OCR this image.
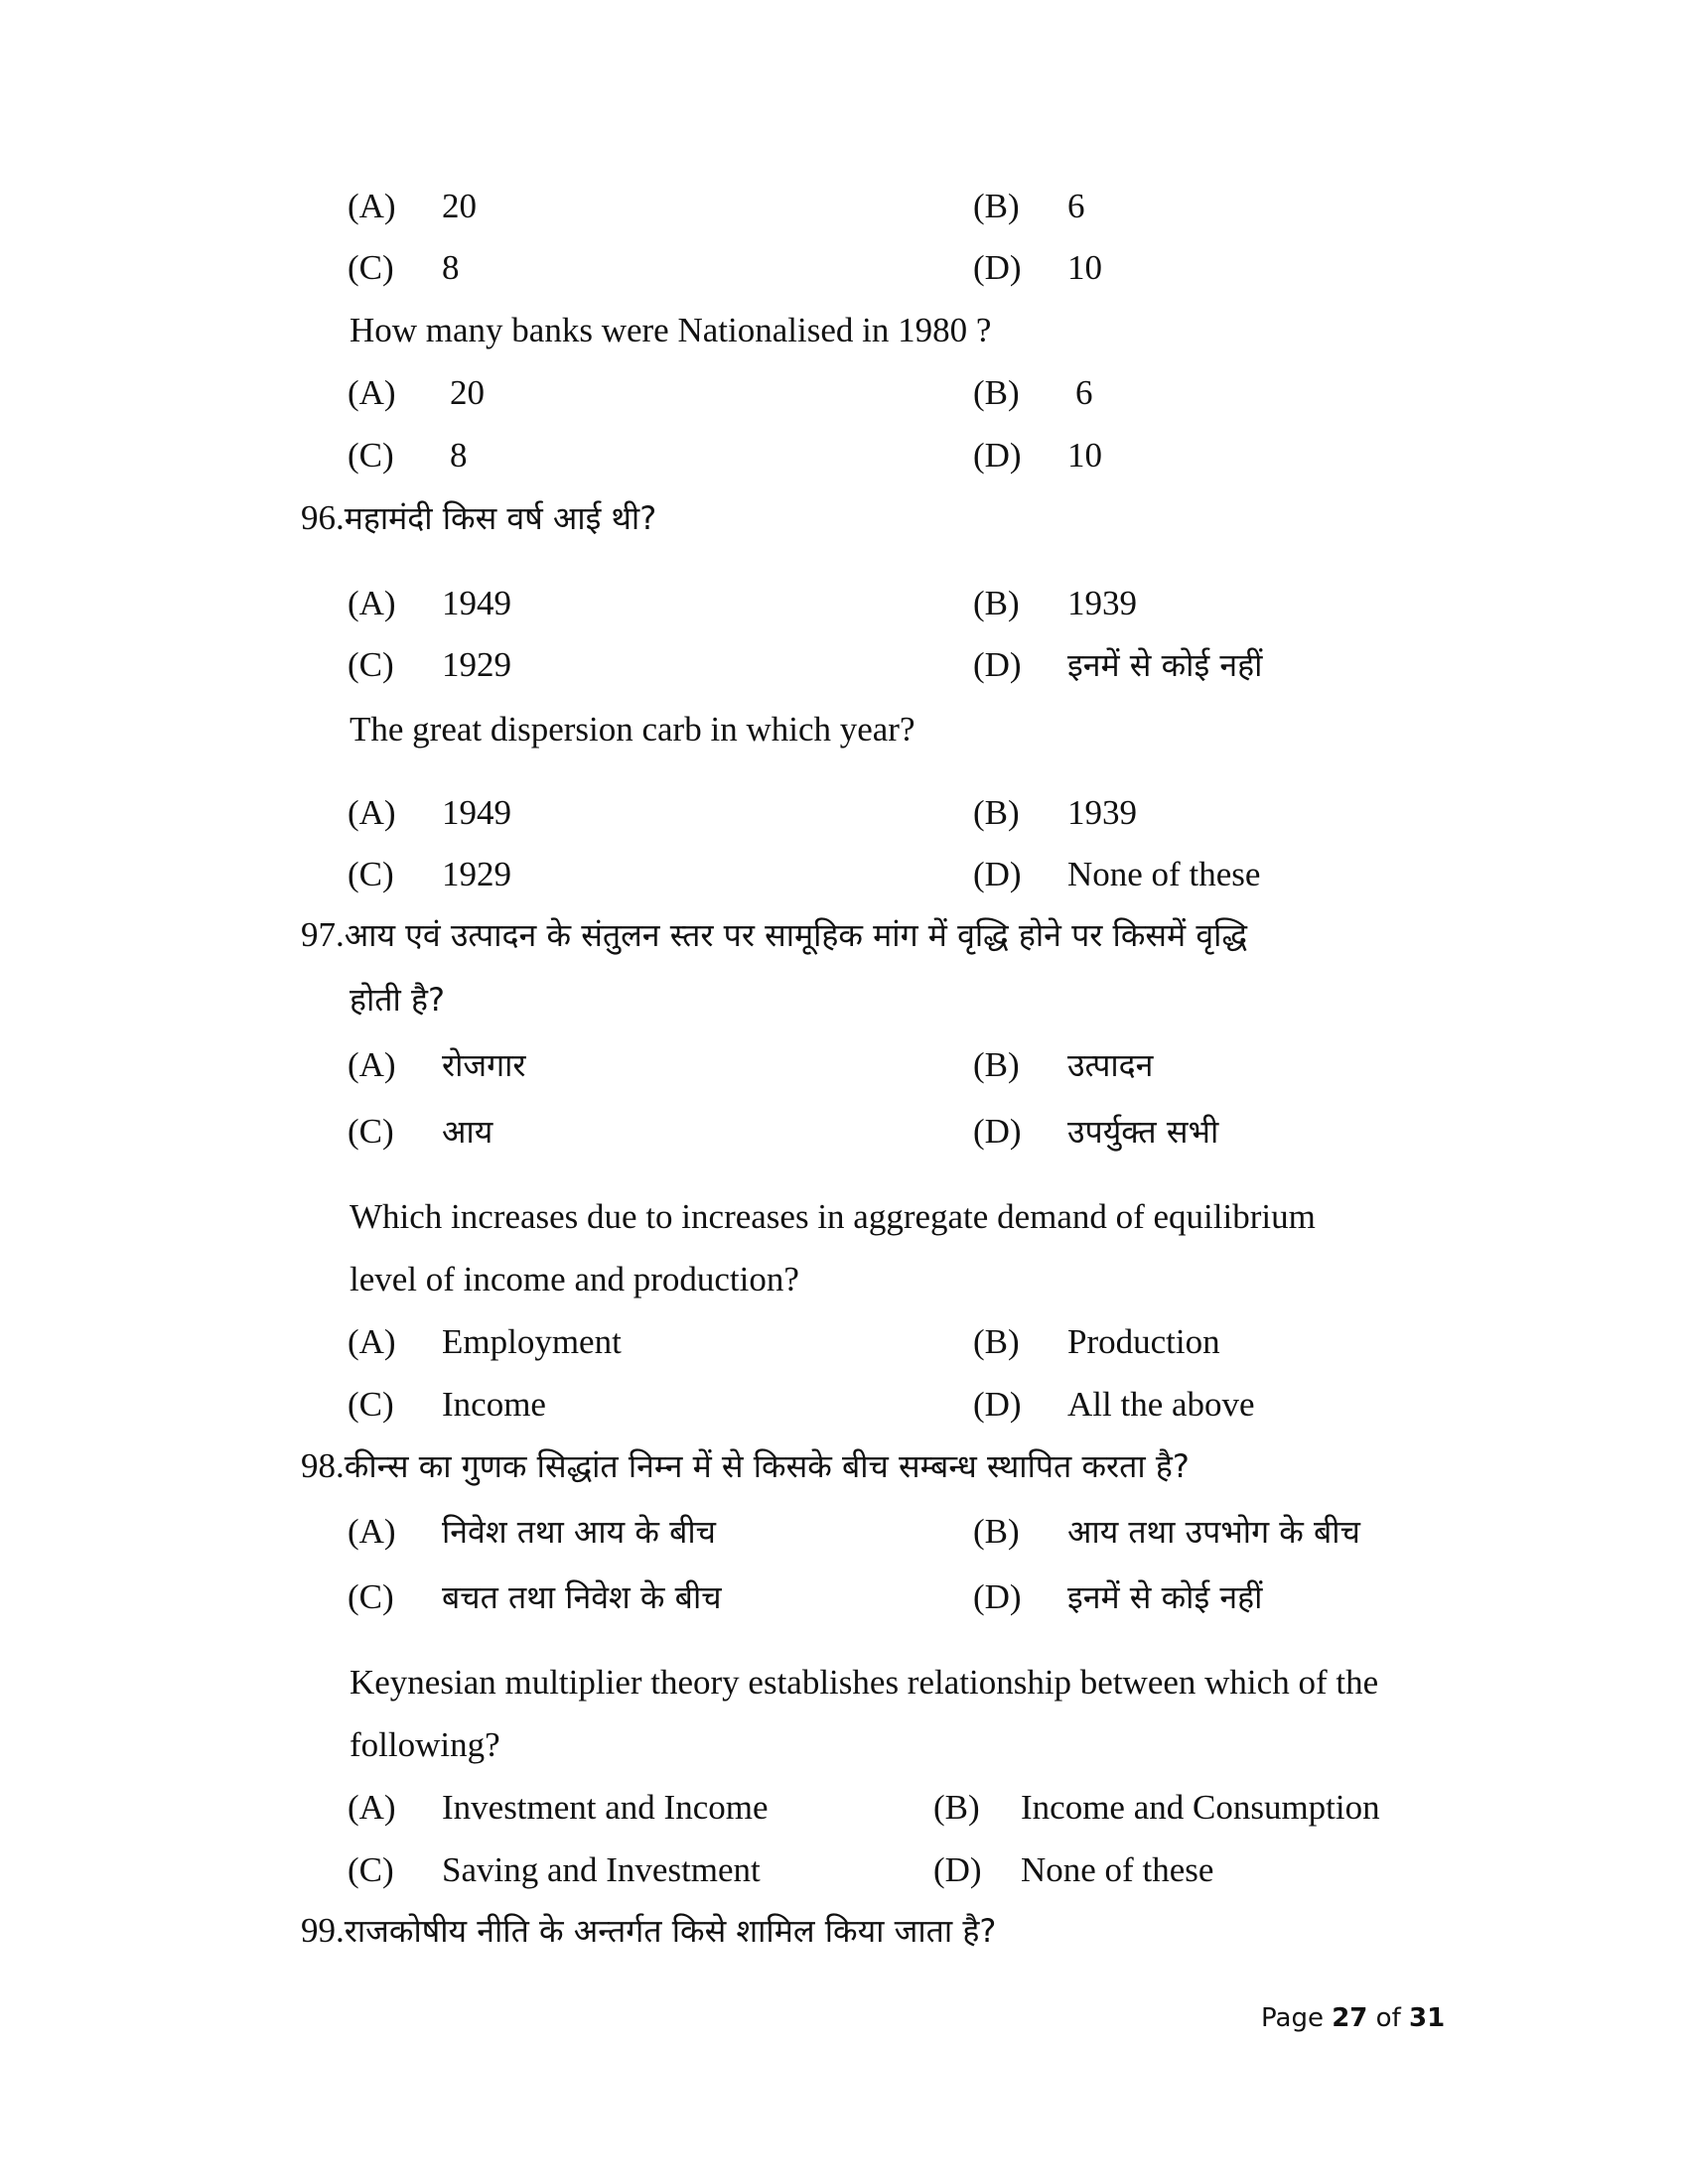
(A) 20	(B) 6
(C) 8	(D) 10
How many banks were Nationalised in 1980 ?
(A) 20	(B) 6
(C) 8	(D) 10
96.महामंदी किस वर्ष आई थी?
(A) 1949	(B) 1939
(C) 1929	(D) इनमें से कोई नहीं
The great dispersion carb in which year?
(A) 1949	(B) 1939
(C) 1929	(D) None of these
97.आय एवं उत्पादन के संतुलन स्तर पर सामूहिक मांग में वृद्धि होने पर किसमें वृद्धि
होती है?
(A) रोजगार	(B) उत्पादन
(C) आय	(D) उपर्युक्त सभी
Which increases due to increases in aggregate demand of equilibrium
level of income and production?
(A) Employment	(B) Production
(C) Income	(D) All the above
98.कीन्स का गुणक सिद्धांत निम्न में से किसके बीच सम्बन्ध स्थापित करता है?
(A) निवेश तथा आय के बीच	(B) आय तथा उपभोग के बीच
(C) बचत तथा निवेश के बीच	(D) इनमें से कोई नहीं
Keynesian multiplier theory establishes relationship between which of the
following?
(A) Investment and Income	(B) Income and Consumption
(C) Saving and Investment	(D) None of these
99.राजकोषीय नीति के अन्तर्गत किसे शामिल किया जाता है?
Page 27 of 31
